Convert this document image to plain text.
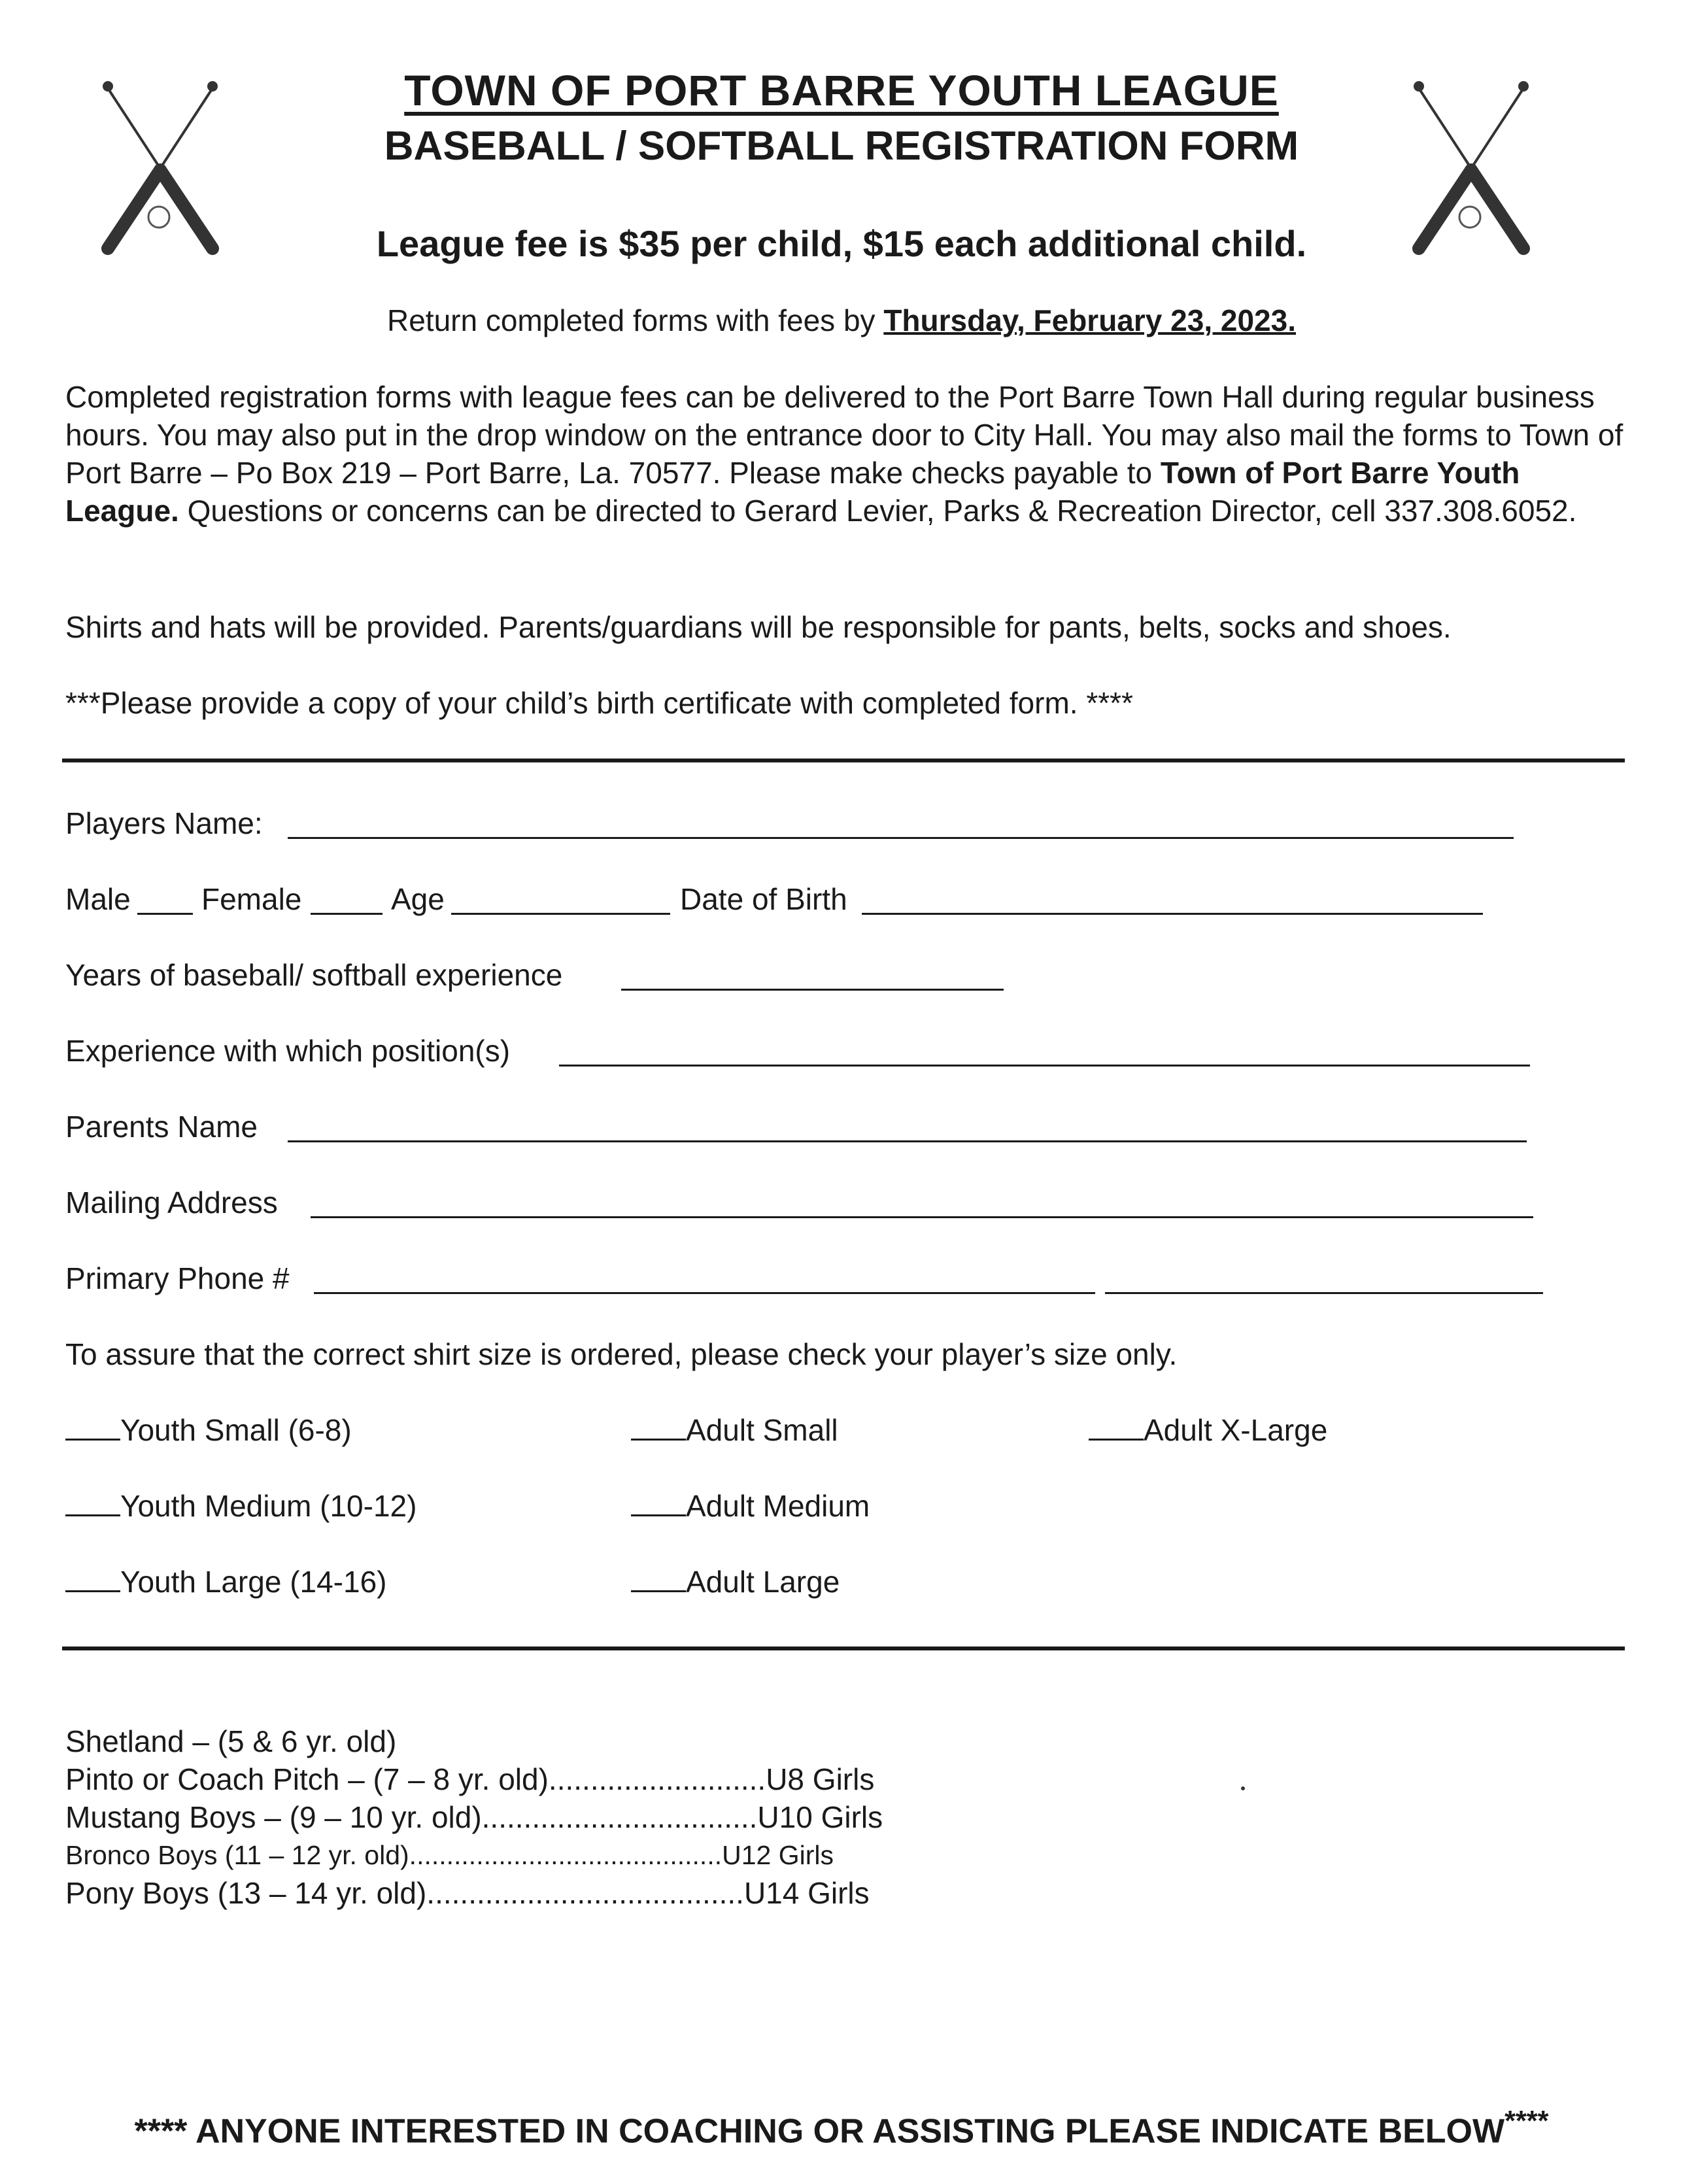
TOWN OF PORT BARRE YOUTH LEAGUE
BASEBALL / SOFTBALL REGISTRATION FORM
League fee is $35 per child, $15 each additional child.
Return completed forms with fees by Thursday, February 23, 2023.
Completed registration forms with league fees can be delivered to the Port Barre Town Hall during regular business hours. You may also put in the drop window on the entrance door to City Hall. You may also mail the forms to Town of Port Barre – Po Box 219 – Port Barre, La. 70577. Please make checks payable to Town of Port Barre Youth League. Questions or concerns can be directed to Gerard Levier, Parks & Recreation Director, cell 337.308.6052.
Shirts and hats will be provided. Parents/guardians will be responsible for pants, belts, socks and shoes.
***Please provide a copy of your child’s birth certificate with completed form. ****
Players Name:
Male Female	Age	Date of Birth
Years of baseball/ softball experience
Experience with which position(s)
Parents Name
Mailing Address
Primary Phone #
To assure that the correct shirt size is ordered, please check your player’s size only.
Youth Small (6-8)
Youth Medium (10-12)
Youth Large (14-16)
Adult Small
Adult Medium
Adult Large
Adult X-Large
Shetland – (5 & 6 yr. old)
Pinto or Coach Pitch – (7 – 8 yr. old)..........................U8 Girls
Mustang Boys – (9 – 10 yr. old).................................U10 Girls
Bronco Boys (11 – 12 yr. old)..........................................U12 Girls
Pony Boys (13 – 14 yr. old)......................................U14 Girls
**** ANYONE INTERESTED IN COACHING OR ASSISTING PLEASE INDICATE BELOW****
